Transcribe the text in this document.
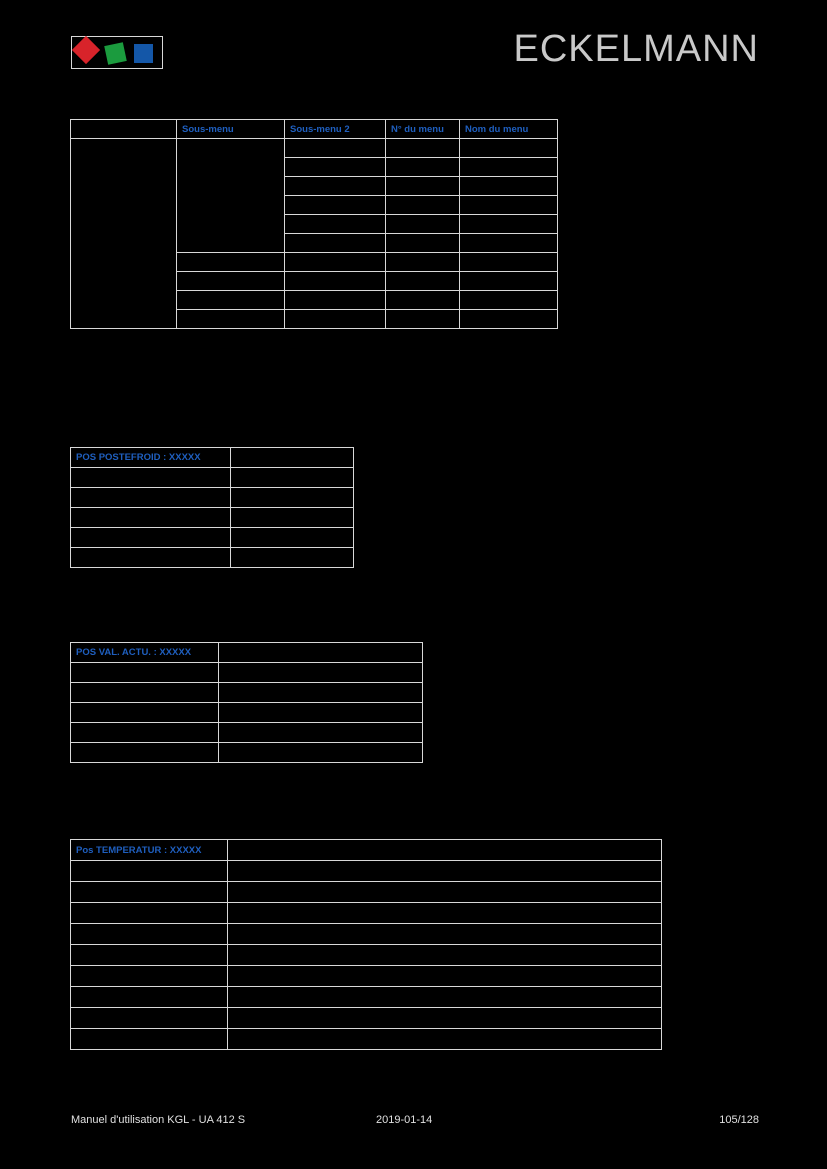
ECKELMANN
	Sous-menu	Sous-menu 2	N° du menu	Nom du menu

POS POSTEFROID : XXXXX	

POS VAL. ACTU. : XXXXX	

Pos TEMPERATUR : XXXXX	

Manuel d'utilisation KGL - UA 412 S	2019-01-14	105/128
